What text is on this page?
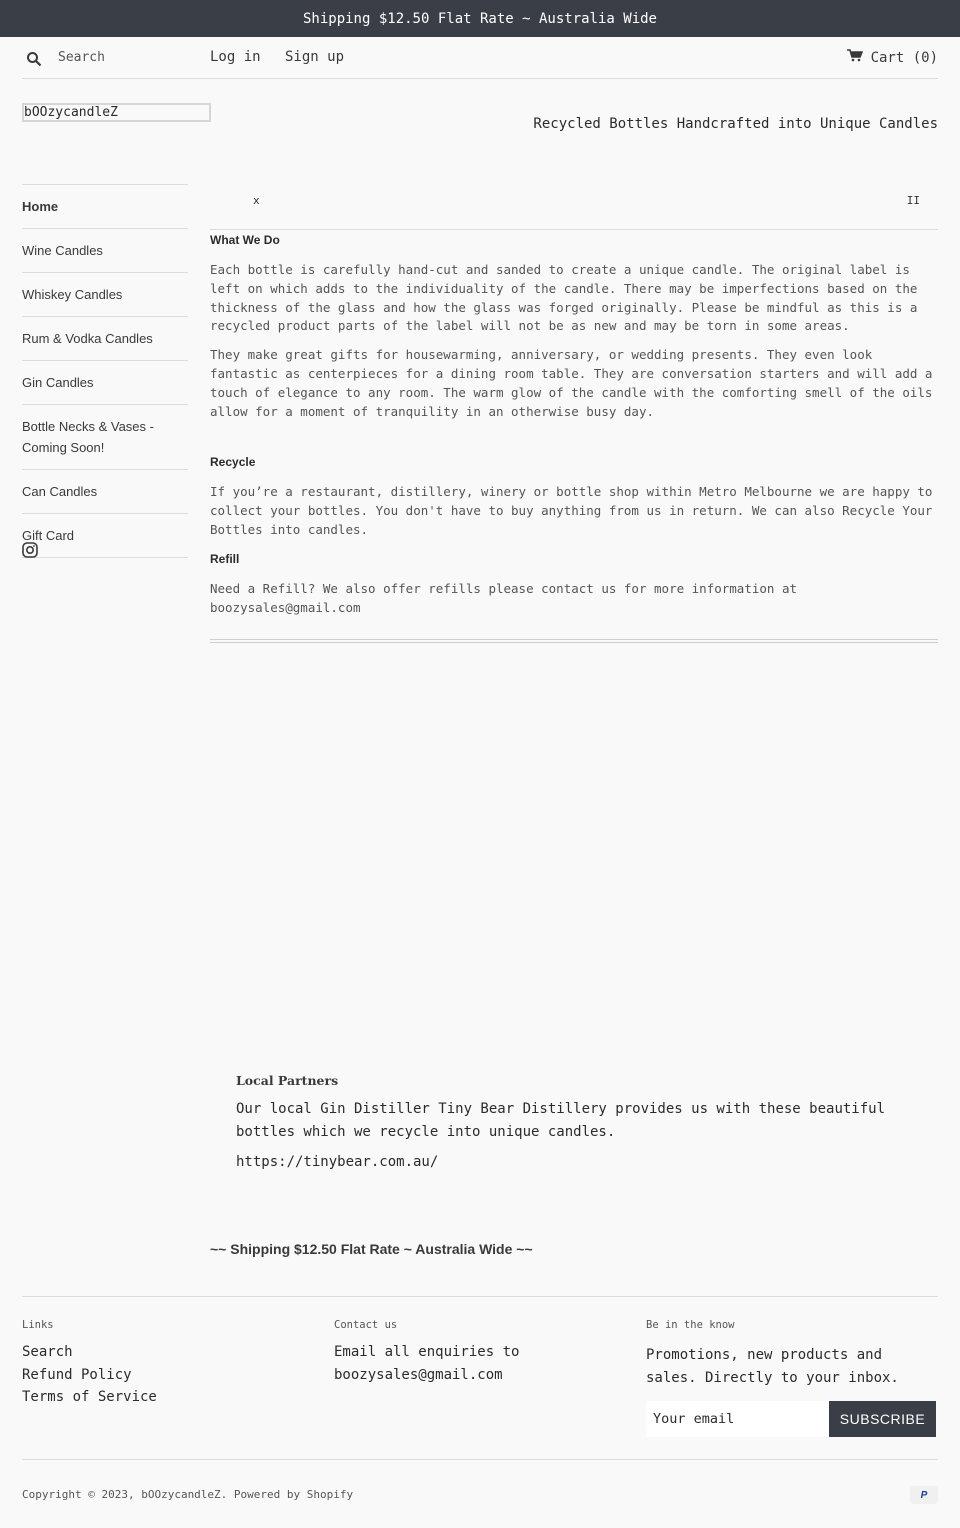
Shipping $12.50 Flat Rate ~ Australia Wide
Search
Log in Sign up	Cart (0)
bOOzycandleZ
Recycled Bottles Handcrafted into Unique Candles
Home
Wine Candles
Whiskey Candles
Rum & Vodka Candles
Gin Candles
Bottle Necks & Vases - Coming Soon!
Can Candles
Gift Card
x	II
What We Do

Each bottle is carefully hand-cut and sanded to create a unique candle. The original label is left on which adds to the individuality of the candle. There may be imperfections based on the thickness of the glass and how the glass was forged originally. Please be mindful as this is a recycled product parts of the label will not be as new and may be torn in some areas.

They make great gifts for housewarming, anniversary, or wedding presents. They even look fantastic as centerpieces for a dining room table. They are conversation starters and will add a touch of elegance to any room. The warm glow of the candle with the comforting smell of the oils allow for a moment of tranquility in an otherwise busy day.

Recycle

If you’re a restaurant, distillery, winery or bottle shop within Metro Melbourne we are happy to collect your bottles. You don't have to buy anything from us in return. We can also Recycle Your Bottles into candles.

Refill

Need a Refill? We also offer refills please contact us for more information at boozysales@gmail.com

Local Partners

Our local Gin Distiller Tiny Bear Distillery provides us with these beautiful bottles which we recycle into unique candles.

https://tinybear.com.au/

~~ Shipping $12.50 Flat Rate ~ Australia Wide ~~
Links
Search
Refund Policy
Terms of Service
Contact us

Email all enquiries to boozysales@gmail.com

Be in the know

Promotions, new products and sales. Directly to your inbox.

Your email
SUBSCRIBE
Copyright © 2023, bOOzycandleZ. Powered by Shopify	P
